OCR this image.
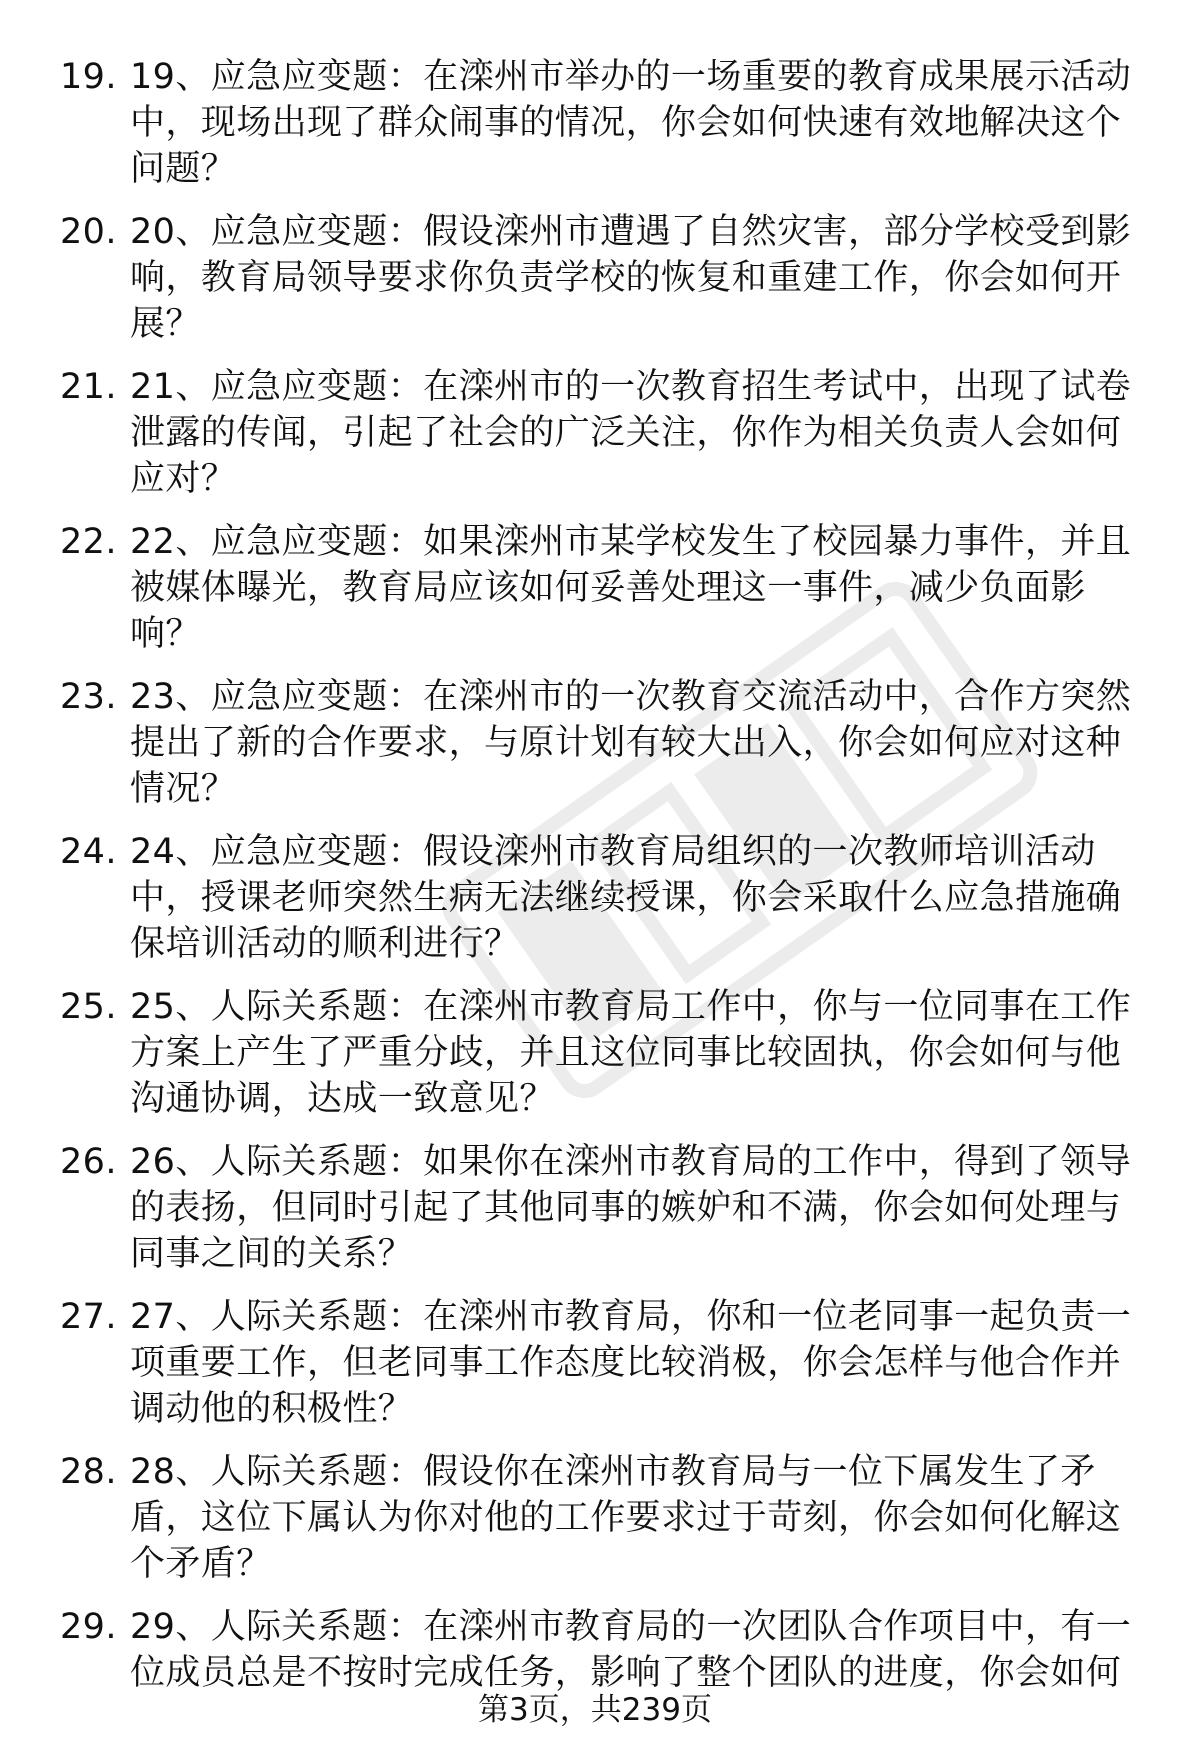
19. 19、应急应变题：在滦州市举办的一场重要的教育成果展示活动中，现场出现了群众闹事的情况，你会如何快速有效地解决这个问题？
20. 20、应急应变题：假设滦州市遭遇了自然灾害，部分学校受到影响，教育局领导要求你负责学校的恢复和重建工作，你会如何开展？
21. 21、应急应变题：在滦州市的一次教育招生考试中，出现了试卷泄露的传闻，引起了社会的广泛关注，你作为相关负责人会如何应对？
22. 22、应急应变题：如果滦州市某学校发生了校园暴力事件，并且被媒体曝光，教育局应该如何妥善处理这一事件，减少负面影响？
23. 23、应急应变题：在滦州市的一次教育交流活动中，合作方突然提出了新的合作要求，与原计划有较大出入，你会如何应对这种情况？
24. 24、应急应变题：假设滦州市教育局组织的一次教师培训活动中，授课老师突然生病无法继续授课，你会采取什么应急措施确保培训活动的顺利进行？
25. 25、人际关系题：在滦州市教育局工作中，你与一位同事在工作方案上产生了严重分歧，并且这位同事比较固执，你会如何与他沟通协调，达成一致意见？
26. 26、人际关系题：如果你在滦州市教育局的工作中，得到了领导的表扬，但同时引起了其他同事的嫉妒和不满，你会如何处理与同事之间的关系？
27. 27、人际关系题：在滦州市教育局，你和一位老同事一起负责一项重要工作，但老同事工作态度比较消极，你会怎样与他合作并调动他的积极性？
28. 28、人际关系题：假设你在滦州市教育局与一位下属发生了矛盾，这位下属认为你对他的工作要求过于苛刻，你会如何化解这个矛盾？
29. 29、人际关系题：在滦州市教育局的一次团队合作项目中，有一位成员总是不按时完成任务，影响了整个团队的进度，你会如何
第3页，共239页
